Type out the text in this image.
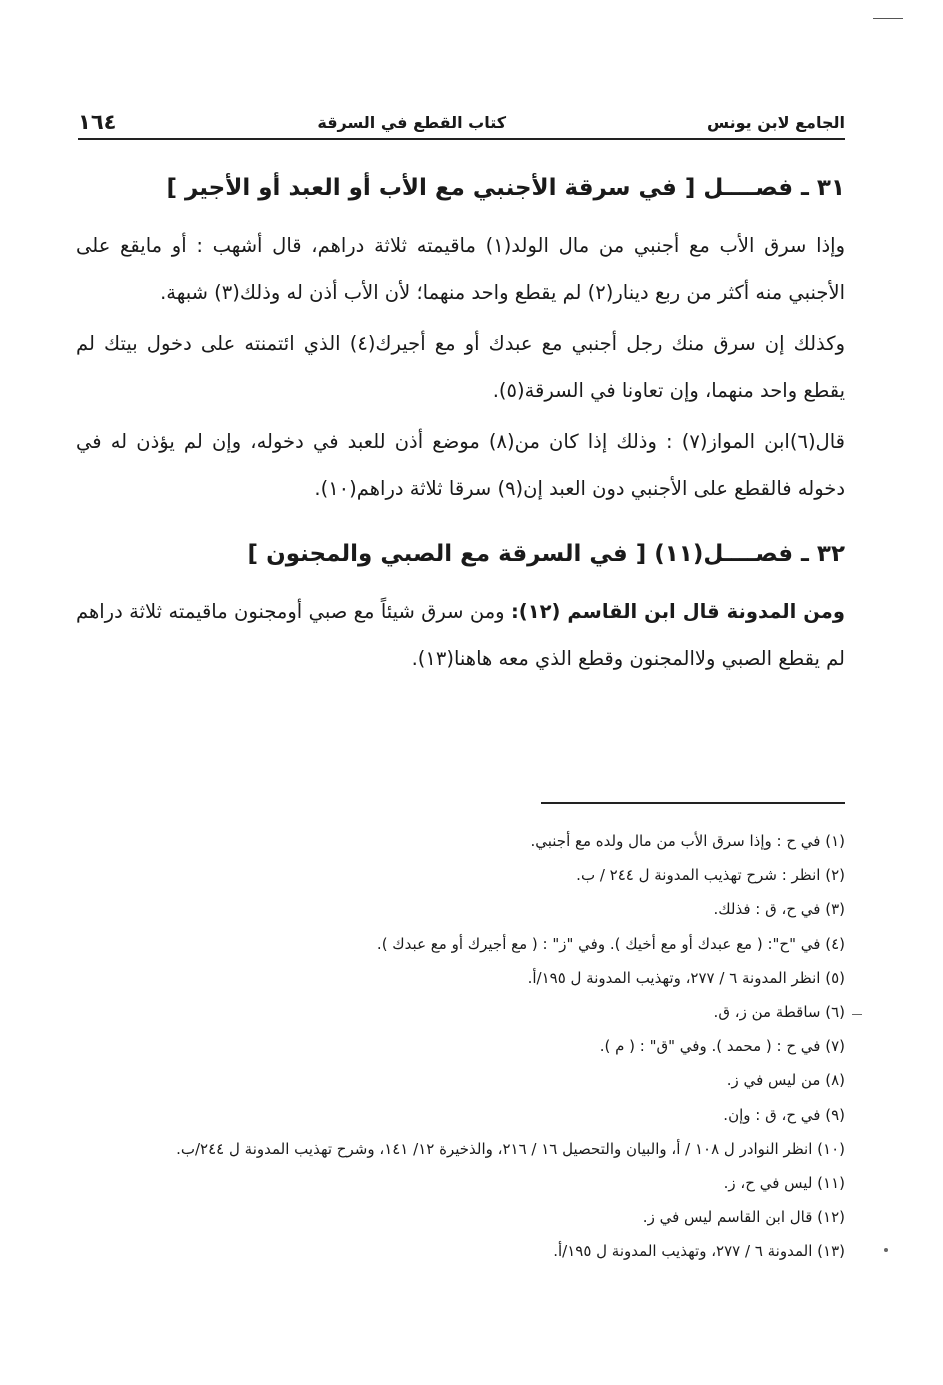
الجامع لابن يونس
كتاب القطع في السرقة
١٦٤
٣١ ـ فصــــل [ في سرقة الأجنبي مع الأب أو العبد أو الأجير ]

وإذا سرق الأب مع أجنبي من مال الولد(١) ماقيمته ثلاثة دراهم، قال أشهب : أو مايقع على الأجنبي منه أكثر من ربع دينار(٢) لم يقطع واحد منهما؛ لأن الأب أذن له وذلك(٣) شبهة.

وكذلك إن سرق منك رجل أجنبي مع عبدك أو مع أجيرك(٤) الذي ائتمنته على دخول بيتك لم يقطع واحد منهما، وإن تعاونا في السرقة(٥).

قال(٦)ابن المواز(٧) : وذلك إذا كان من(٨) موضع أذن للعبد في دخوله، وإن لم يؤذن له في دخوله فالقطع على الأجنبي دون العبد إن(٩) سرقا ثلاثة دراهم(١٠).

٣٢ ـ فصــــل(١١) [ في السرقة مع الصبي والمجنون ]

ومن المدونة قال ابن القاسم (١٢): ومن سرق شيئاً مع صبي أومجنون ماقيمته ثلاثة دراهم لم يقطع الصبي ولاالمجنون وقطع الذي معه هاهنا(١٣).

(١) في ح : وإذا سرق الأب من مال ولده مع أجنبي.

(٢) انظر : شرح تهذيب المدونة ل ٢٤٤ / ب.

(٣) في ح، ق : فذلك.

(٤) في "ح": ( مع عبدك أو مع أخيك ). وفي "ز" : ( مع أجيرك أو مع عبدك ).

(٥) انظر المدونة ٦ / ٢٧٧، وتهذيب المدونة ل ١٩٥/أ.

(٦) ساقطة من ز، ق.

(٧) في ح : ( محمد ). وفي "ق" : ( م ).

(٨) من ليس في ز.

(٩) في ح، ق : وإن.

(١٠) انظر النوادر ل ١٠٨ / أ، والبيان والتحصيل ١٦ / ٢١٦، والذخيرة ١٢/ ١٤١، وشرح تهذيب المدونة ل ٢٤٤/ب.

(١١) ليس في ح، ز.

(١٢) قال ابن القاسم ليس في ز.

(١٣) المدونة ٦ / ٢٧٧، وتهذيب المدونة ل ١٩٥/أ.
